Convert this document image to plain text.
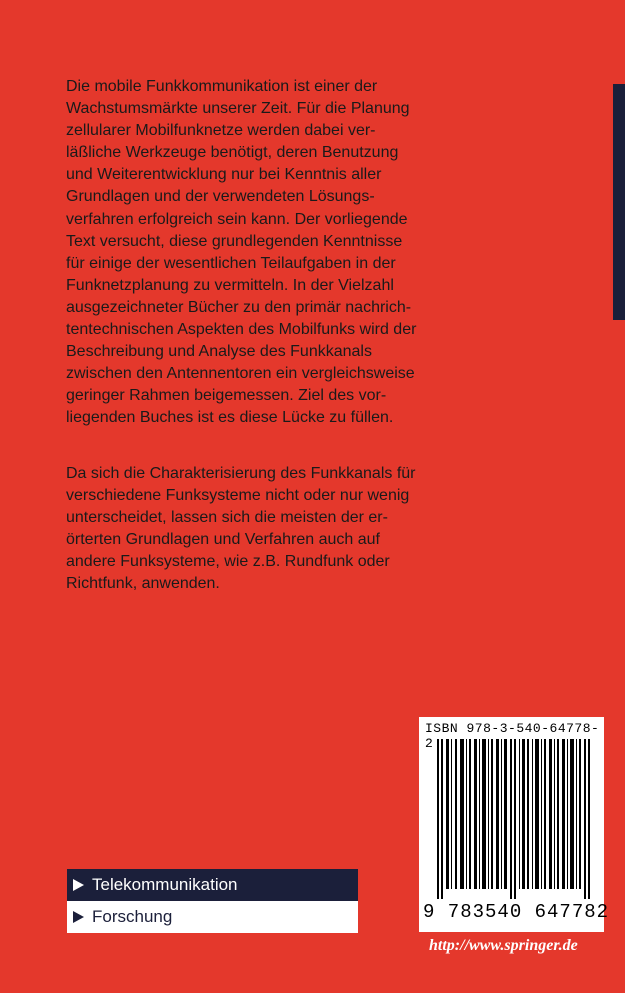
Die mobile Funkkommunikation ist einer der
Wachstumsmärkte unserer Zeit. Für die Planung
zellularer Mobilfunknetze werden dabei ver-
läßliche Werkzeuge benötigt, deren Benutzung
und Weiterentwicklung nur bei Kenntnis aller
Grundlagen und der verwendeten Lösungs-
verfahren erfolgreich sein kann. Der vorliegende
Text versucht, diese grundlegenden Kenntnisse
für einige der wesentlichen Teilaufgaben in der
Funknetzplanung zu vermitteln. In der Vielzahl
ausgezeichneter Bücher zu den primär nachrich-
tentechnischen Aspekten des Mobilfunks wird der
Beschreibung und Analyse des Funkkanals
zwischen den Antennentoren ein vergleichsweise
geringer Rahmen beigemessen. Ziel des vor-
liegenden Buches ist es diese Lücke zu füllen.

Da sich die Charakterisierung des Funkkanals für
verschiedene Funksysteme nicht oder nur wenig
unterscheidet, lassen sich die meisten der er-
örterten Grundlagen und Verfahren auch auf
andere Funksysteme, wie z.B. Rundfunk oder
Richtfunk, anwenden.

ISBN 978-3-540-64778-2
9 783540 647782
http://www.springer.de
Telekommunikation
Forschung
